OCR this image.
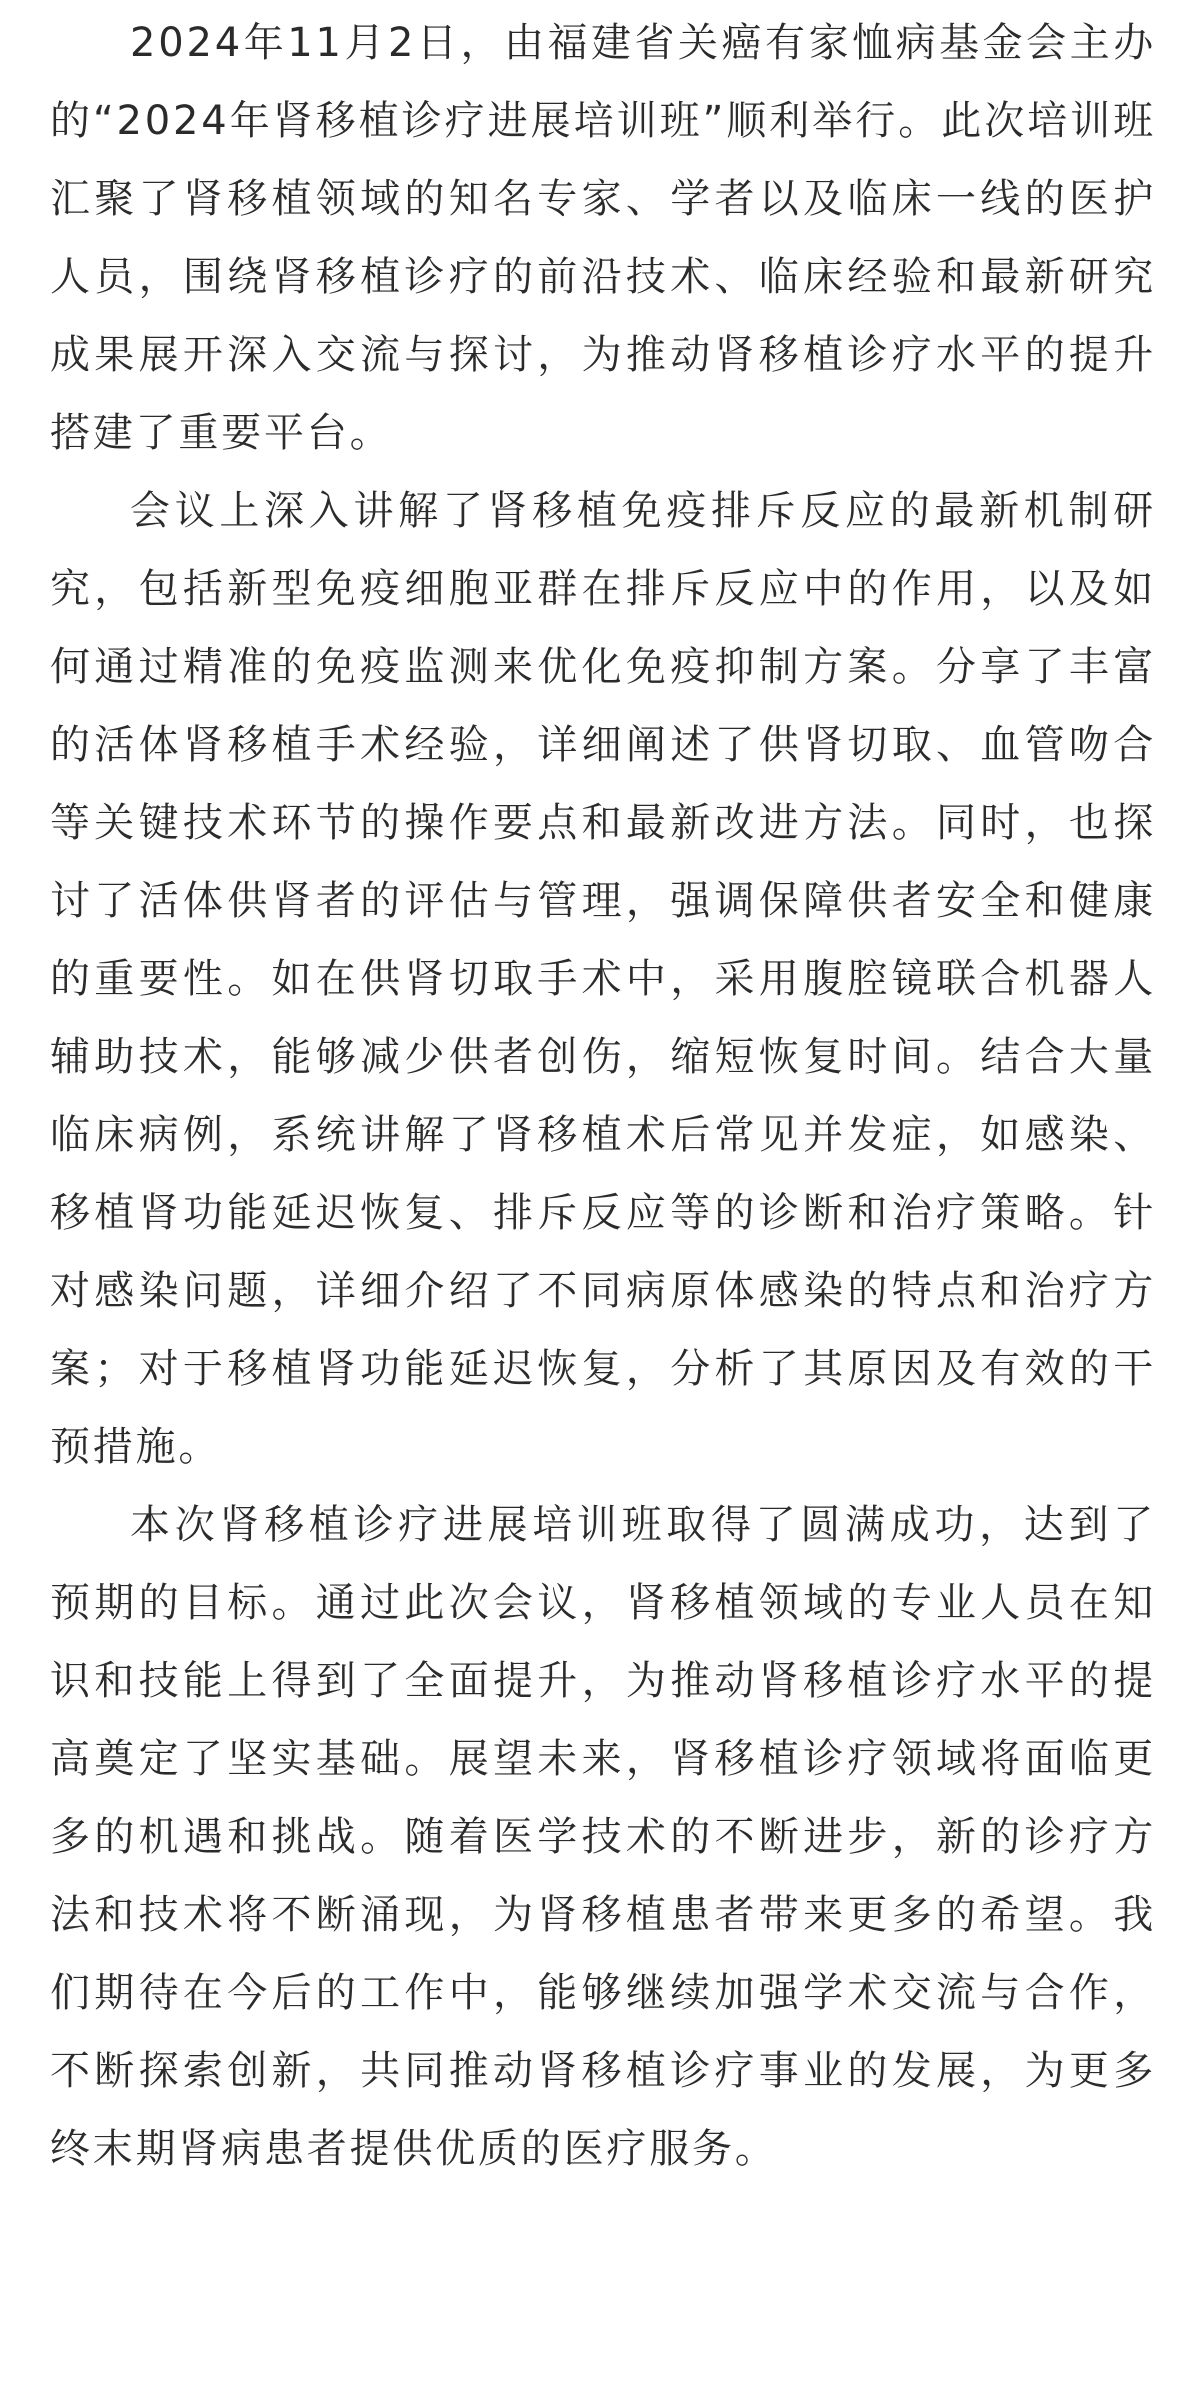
2024年11月2日，由福建省关癌有家恤病基金会主办的“2024年肾移植诊疗进展培训班”顺利举行。此次培训班汇聚了肾移植领域的知名专家、学者以及临床一线的医护人员，围绕肾移植诊疗的前沿技术、临床经验和最新研究成果展开深入交流与探讨，为推动肾移植诊疗水平的提升搭建了重要平台。

会议上深入讲解了肾移植免疫排斥反应的最新机制研究，包括新型免疫细胞亚群在排斥反应中的作用，以及如何通过精准的免疫监测来优化免疫抑制方案。分享了丰富的活体肾移植手术经验，详细阐述了供肾切取、血管吻合等关键技术环节的操作要点和最新改进方法。同时，也探讨了活体供肾者的评估与管理，强调保障供者安全和健康的重要性。如在供肾切取手术中，采用腹腔镜联合机器人辅助技术，能够减少供者创伤，缩短恢复时间。结合大量临床病例，系统讲解了肾移植术后常见并发症，如感染、移植肾功能延迟恢复、排斥反应等的诊断和治疗策略。针对感染问题，详细介绍了不同病原体感染的特点和治疗方案；对于移植肾功能延迟恢复，分析了其原因及有效的干预措施。

本次肾移植诊疗进展培训班取得了圆满成功，达到了预期的目标。通过此次会议，肾移植领域的专业人员在知识和技能上得到了全面提升，为推动肾移植诊疗水平的提高奠定了坚实基础。展望未来，肾移植诊疗领域将面临更多的机遇和挑战。随着医学技术的不断进步，新的诊疗方法和技术将不断涌现，为肾移植患者带来更多的希望。我们期待在今后的工作中，能够继续加强学术交流与合作，不断探索创新，共同推动肾移植诊疗事业的发展，为更多终末期肾病患者提供优质的医疗服务。
